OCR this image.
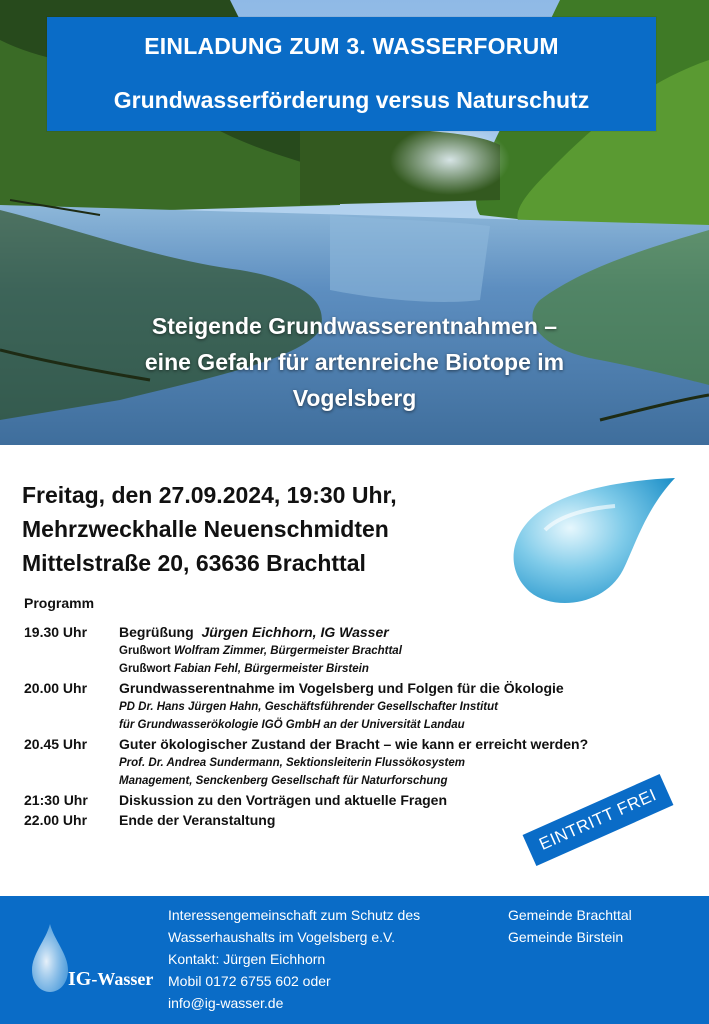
EINLADUNG ZUM 3. WASSERFORUM
Grundwasserförderung versus Naturschutz
Steigende Grundwasserentnahmen –
eine Gefahr für artenreiche Biotope im
Vogelsberg
Freitag, den 27.09.2024, 19:30 Uhr,
Mehrzweckhalle Neuenschmidten
Mittelstraße 20, 63636 Brachttal
Programm
19.30 Uhr	Begrüßung Jürgen Eichhorn, IG Wasser
Grußwort Wolfram Zimmer, Bürgermeister Brachttal
Grußwort Fabian Fehl, Bürgermeister Birstein
20.00 Uhr	Grundwasserentnahme im Vogelsberg und Folgen für die Ökologie
PD Dr. Hans Jürgen Hahn, Geschäftsführender Gesellschafter Institut
für Grundwasserökologie IGÖ GmbH an der Universität Landau
20.45 Uhr	Guter ökologischer Zustand der Bracht – wie kann er erreicht werden?
Prof. Dr. Andrea Sundermann, Sektionsleiterin Flussökosystem
Management, Senckenberg Gesellschaft für Naturforschung
21:30 Uhr	Diskussion zu den Vorträgen und aktuelle Fragen
22.00 Uhr	Ende der Veranstaltung	EINTRITT FREI
IG-Wasser
Interessengemeinschaft zum Schutz des
Wasserhaushalts im Vogelsberg e.V.
Kontakt: Jürgen Eichhorn
Mobil 0172 6755 602 oder
info@ig-wasser.de
Gemeinde Brachttal
Gemeinde Birstein
